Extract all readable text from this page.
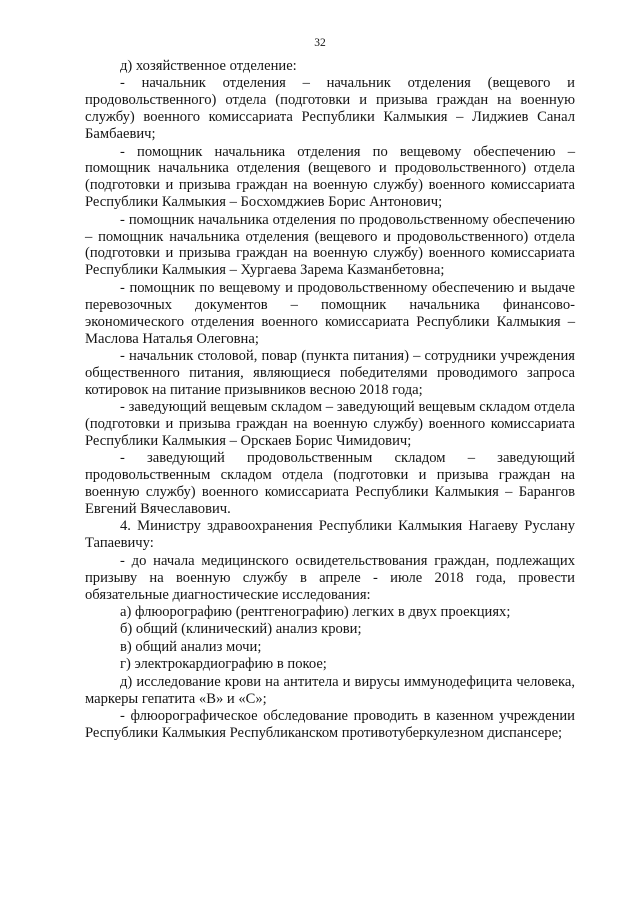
32

д) хозяйственное отделение:

- начальник отделения – начальник отделения (вещевого и продовольственного) отдела (подготовки и призыва граждан на военную службу) военного комиссариата Республики Калмыкия – Лиджиев Санал Бамбаевич;

- помощник начальника отделения по вещевому обеспечению – помощник начальника отделения (вещевого и продовольственного) отдела (подготовки и призыва граждан на военную службу) военного комиссариата Республики Калмыкия – Босхомджиев Борис Антонович;

- помощник начальника отделения по продовольственному обеспечению – помощник начальника отделения (вещевого и продовольственного) отдела (подготовки и призыва граждан на военную службу) военного комиссариата Республики Калмыкия – Хургаева Зарема Казманбетовна;

- помощник по вещевому и продовольственному обеспечению и выдаче перевозочных документов – помощник начальника финансово-экономического отделения военного комиссариата Республики Калмыкия – Маслова Наталья Олеговна;

- начальник столовой, повар (пункта питания) – сотрудники учреждения общественного питания, являющиеся победителями проводимого запроса котировок на питание призывников весною 2018 года;

- заведующий вещевым складом – заведующий вещевым складом отдела (подготовки и призыва граждан на военную службу) военного комиссариата Республики Калмыкия – Орскаев Борис Чимидович;

- заведующий продовольственным складом – заведующий продовольственным складом отдела (подготовки и призыва граждан на военную службу) военного комиссариата Республики Калмыкия – Барангов Евгений Вячеславович.

4. Министру здравоохранения Республики Калмыкия Нагаеву Руслану Тапаевичу:

- до начала медицинского освидетельствования граждан, подлежащих призыву на военную службу в апреле - июле 2018 года, провести обязательные диагностические исследования:

а) флюорографию (рентгенографию) легких в двух проекциях;

б) общий (клинический) анализ крови;

в) общий анализ мочи;

г) электрокардиографию в покое;

д) исследование крови на антитела и вирусы иммунодефицита человека, маркеры гепатита «В» и «С»;

- флюорографическое обследование проводить в казенном учреждении Республики Калмыкия Республиканском противотуберкулезном диспансере;
